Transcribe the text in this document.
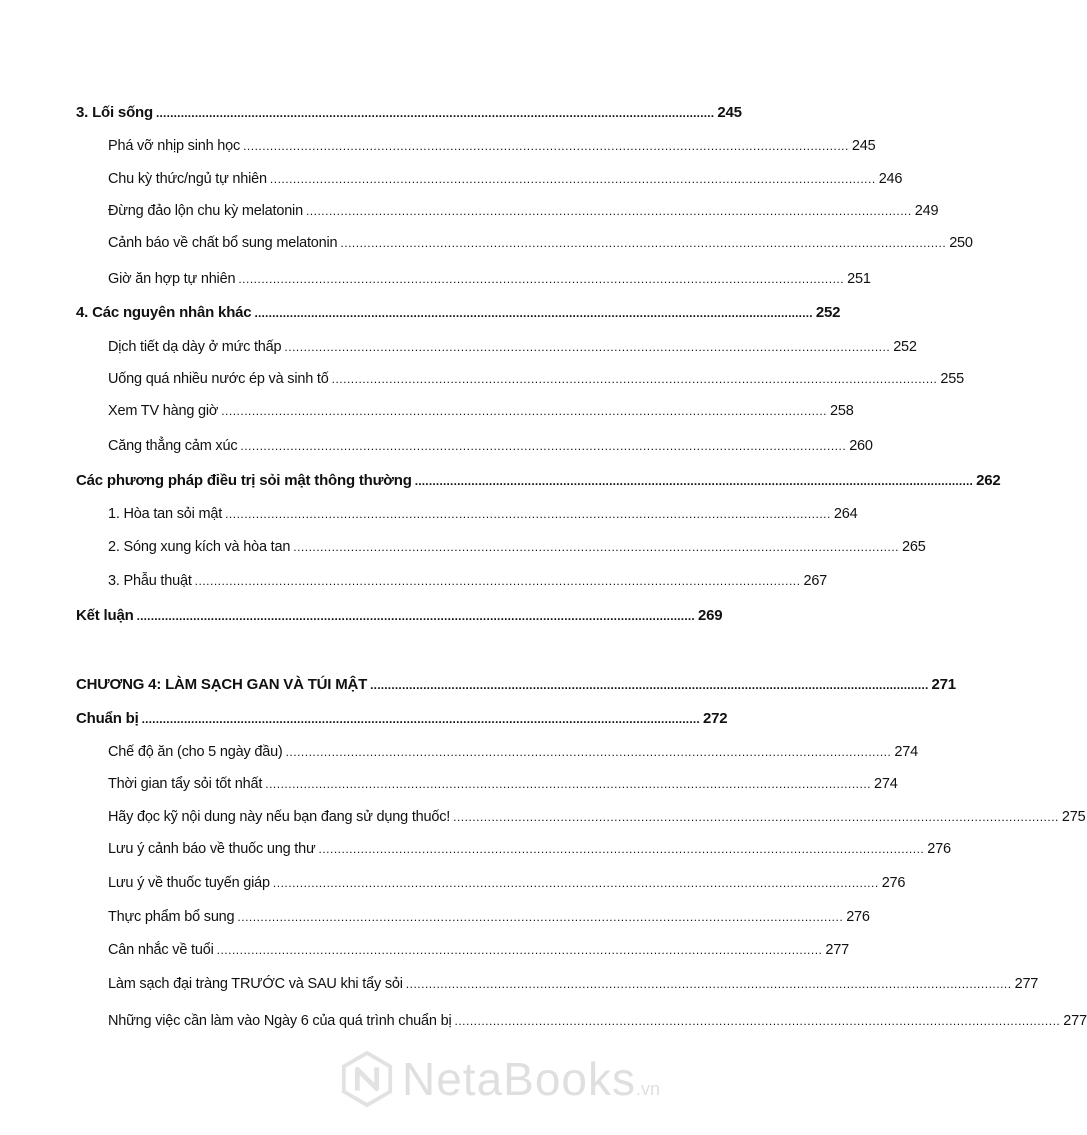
3. Lối sống .............................................................................................................................................................. 245
Phá vỡ nhịp sinh học .............................................................................................................................................................. 245
Chu kỳ thức/ngủ tự nhiên .............................................................................................................................................................. 246
Đừng đảo lộn chu kỳ melatonin .............................................................................................................................................................. 249
Cảnh báo về chất bổ sung melatonin .............................................................................................................................................................. 250
Giờ ăn hợp tự nhiên .............................................................................................................................................................. 251
4. Các nguyên nhân khác .............................................................................................................................................................. 252
Dịch tiết dạ dày ở mức thấp .............................................................................................................................................................. 252
Uống quá nhiều nước ép và sinh tố .............................................................................................................................................................. 255
Xem TV hàng giờ .............................................................................................................................................................. 258
Căng thẳng cảm xúc .............................................................................................................................................................. 260
Các phương pháp điều trị sỏi mật thông thường .............................................................................................................................................................. 262
1. Hòa tan sỏi mật .............................................................................................................................................................. 264
2. Sóng xung kích và hòa tan .............................................................................................................................................................. 265
3. Phẫu thuật .............................................................................................................................................................. 267
Kết luận .............................................................................................................................................................. 269
CHƯƠNG 4: LÀM SẠCH GAN VÀ TÚI MẬT .............................................................................................................................................................. 271
Chuẩn bị .............................................................................................................................................................. 272
Chế độ ăn (cho 5 ngày đầu) .............................................................................................................................................................. 274
Thời gian tẩy sỏi tốt nhất .............................................................................................................................................................. 274
Hãy đọc kỹ nội dung này nếu bạn đang sử dụng thuốc! .............................................................................................................................................................. 275
Lưu ý cảnh báo về thuốc ung thư .............................................................................................................................................................. 276
Lưu ý về thuốc tuyến giáp .............................................................................................................................................................. 276
Thực phẩm bổ sung .............................................................................................................................................................. 276
Cân nhắc về tuổi .............................................................................................................................................................. 277
Làm sạch đại tràng TRƯỚC và SAU khi tẩy sỏi .............................................................................................................................................................. 277
Những việc cần làm vào Ngày 6 của quá trình chuẩn bị .............................................................................................................................................................. 277
NetaBooks.vn
